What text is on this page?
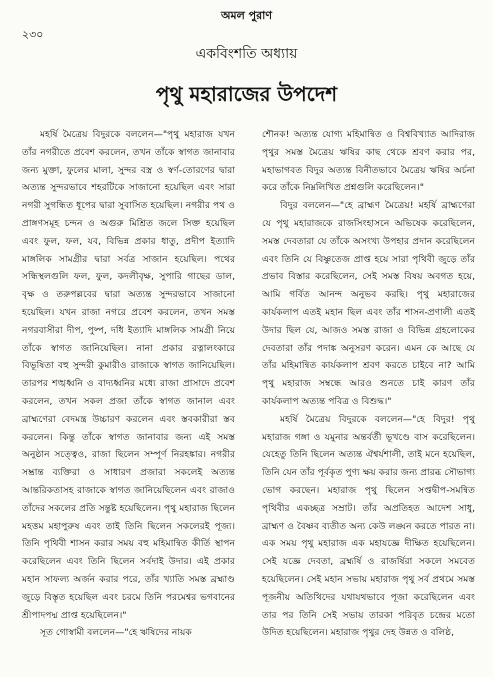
২৩০
অমল পুরাণ
একবিংশতি অধ্যায়
পৃথু মহারাজের উপদেশ

মহর্ষি মৈত্রেয় বিদুরকে বললেন—"পৃথু মহারাজ যখন তাঁর নগরীতে প্রবেশ করলেন, তখন তাঁকে স্বাগত জানাবার জন্য মুক্তা, ফুলের মালা, সুন্দর বস্ত্র ও স্বর্ণ-তোরণের দ্বারা অত্যন্ত সুন্দরভাবে শহরটিকে সাজানো হয়েছিল এবং সারা নগরী সুগন্ধিত ধূপের দ্বারা সুবাসিত হয়েছিল। নগরীর পথ ও প্রাঙ্গণসমূহ চন্দন ও অগুরু মিশ্রিত জলে সিক্ত হয়েছিল এবং ফুল, ফল, যব, বিভিন্ন প্রকার ধাতু, প্রদীপ ইত্যাদি মাঙ্গলিক সামগ্রীর দ্বারা সর্বত্র সাজান হয়েছিল। পথের সন্ধিস্থলগুলি ফল, ফুল, কদলীবৃক্ষ, সুপারি গাছের ডাল, বৃক্ষ ও তরুপল্লবের দ্বারা অত্যন্ত সুন্দরভাবে সাজানো হয়েছিল। যখন রাজা নগরে প্রবেশ করলেন, তখন সমস্ত নগরবাসীরা দীপ, পুষ্প, দধি ইত্যাদি মাঙ্গলিক সামগ্রী নিয়ে তাঁকে স্বাগত জানিয়েছিল। নানা প্রকার রত্নালংকারে বিভূষিতা বহু সুন্দরী কুমারীও রাজাকে স্বাগত জানিয়েছিল। তারপর শঙ্খধ্বনি ও বাদ্যধ্বনির মধ্যে রাজা প্রাসাদে প্রবেশ করলেন, তখন সকল প্রজা তাঁকে স্বাগত জানাল এবং ব্রাহ্মণেরা বেদমন্ত্র উচ্চারণ করলেন এবং স্তবকারীরা স্তব করলেন। কিন্তু তাঁকে স্বাগত জানাবার জন্য এই সমস্ত অনুষ্ঠান সত্ত্বেও, রাজা ছিলেন সম্পূর্ণ নিরহঙ্কার। নগরীর সম্ভ্রান্ত ব্যক্তিরা ও সাধারণ প্রজারা সকলেই অত্যন্ত আন্তরিকতাসহ রাজাকে স্বাগত জানিয়েছিলেন এবং রাজাও তাঁদের সকলের প্রতি সন্তুষ্ট হয়েছিলেন। পৃথু মহারাজ ছিলেন মহত্তম মহাপুরুষ এবং তাই তিনি ছিলেন সকলেরই পূজ্য। তিনি পৃথিবী শাসন করার সময় বহু মহিমান্বিত কীর্তি স্থাপন করেছিলেন এবং তিনি ছিলেন সর্বদাই উদার। এই প্রকার মহান সাফল্য অর্জন করার পরে, তাঁর খ্যাতি সমস্ত ব্রহ্মাণ্ড জুড়ে বিস্তৃত হয়েছিল এবং চরমে তিনি পরমেশ্বর ভগবানের শ্রীপাদপদ্ম প্রাপ্ত হয়েছিলেন।"

সূত গোস্বামী বললেন—"হে ঋষিদের নায়ক

শৌনক! অত্যন্ত যোগ্য মহিমান্বিত ও বিশ্ববিখ্যাত আদিরাজ পৃথুর সমস্ত মৈত্রেয় ঋষির কাছ থেকে শ্রবণ করার পর, মহাভাগবত বিদুর অত্যন্ত বিনীতভাবে মৈত্রেয় ঋষির অর্চনা করে তাঁকে নিম্নলিখিত প্রশ্নগুলি করেছিলেন।"

বিদুর বললেন—"হে ব্রাহ্মণ মৈত্রেয়! মহর্ষি ব্রাহ্মণেরা যে পৃথু মহারাজকে রাজসিংহাসনে অভিষেক করেছিলেন, সমস্ত দেবতারা যে তাঁকে অসংখ্য উপহার প্রদান করেছিলেন এবং তিনি যে বিষ্ণুতেজ প্রাপ্ত হয়ে সারা পৃথিবী জুড়ে তাঁর প্রভাব বিস্তার করেছিলেন, সেই সমস্ত বিষয় অবগত হয়ে, আমি গর্বিত আনন্দ অনুভব করছি। পৃথু মহারাজের কার্যকলাপ এতই মহান ছিল এবং তাঁর শাসন-প্রণালী এতই উদার ছিল যে, আজও সমস্ত রাজা ও বিভিন্ন গ্রহলোকের দেবতারা তাঁর পদাঙ্ক অনুসরণ করেন। এমন কে আছে যে তাঁর মহিমান্বিত কার্যকলাপ শ্রবণ করতে চাইবে না? আমি পৃথু মহারাজ সম্বন্ধে আরও শুনতে চাই কারণ তাঁর কার্যকলাপ অত্যন্ত পবিত্র ও বিশুদ্ধ।"

মহর্ষি মৈত্রেয় বিদুরকে বললেন—"হে বিদুর! পৃথু মহারাজ গঙ্গা ও যমুনার অন্তর্বর্তী ভূখণ্ডে বাস করেছিলেন। যেহেতু তিনি ছিলেন অত্যন্ত ঐশ্বর্যশালী, তাই মনে হয়েছিল, তিনি যেন তাঁর পূর্বকৃত পুণ্য ক্ষয় করার জন্য প্রারব্ধ সৌভাগ্য ভোগ করছেন। মহারাজ পৃথু ছিলেন সপ্তদ্বীপ-সমন্বিত পৃথিবীর একচ্ছত্র সম্রাট। তাঁর অপ্রতিহত আদেশ সাধু, ব্রাহ্মণ ও বৈষ্ণব ব্যতীত অন্য কেউ লঙ্ঘন করতে পারত না। এক সময় পৃথু মহারাজ এক মহাযজ্ঞে দীক্ষিত হয়েছিলেন। সেই যজ্ঞে দেবতা, ব্রহ্মর্ষি ও রাজর্ষিরা সকলে সমবেত হয়েছিলেন। সেই মহান সভায় মহারাজ পৃথু সর্ব প্রথমে সমস্ত পূজনীয় অতিথিদের যথাযথভাবে পূজা করেছিলেন এবং তার পর তিনি সেই সভায় তারকা পরিবৃত চন্দ্রের মতো উদিত হয়েছিলেন। মহারাজ পৃথুর দেহ উন্নত ও বলিষ্ঠ,
